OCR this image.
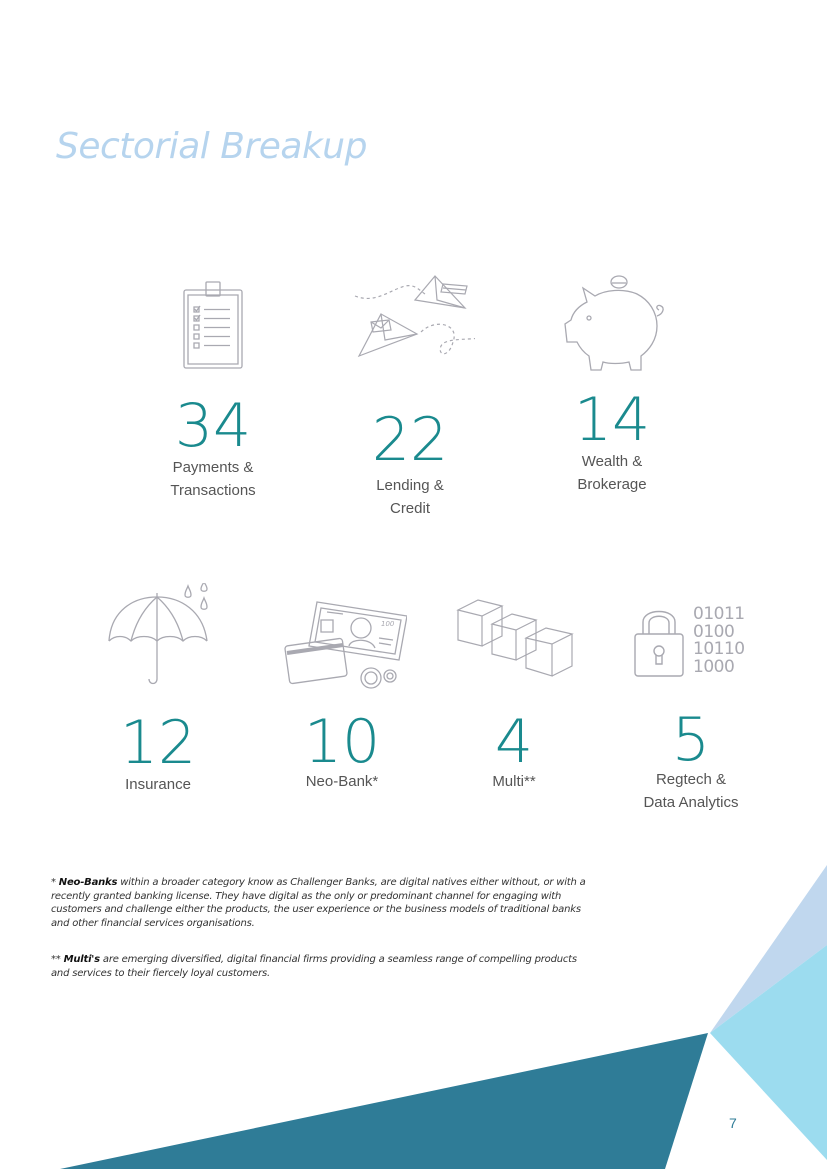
Sectorial Breakup
34
Payments &
Transactions
22
Lending &
Credit
14
Wealth &
Brokerage
12
Insurance
100
10
Neo-Bank*
4
Multi**
01011
0100
10110
1000
5
Regtech &
Data Analytics
* Neo-Banks within a broader category know as Challenger Banks, are digital natives either without, or with a recently granted banking license. They have digital as the only or predominant channel for engaging with customers and challenge either the products, the user experience or the business models of traditional banks and other financial services organisations.
** Multi's are emerging diversified, digital financial firms providing a seamless range of compelling products and services to their fiercely loyal customers.
7
